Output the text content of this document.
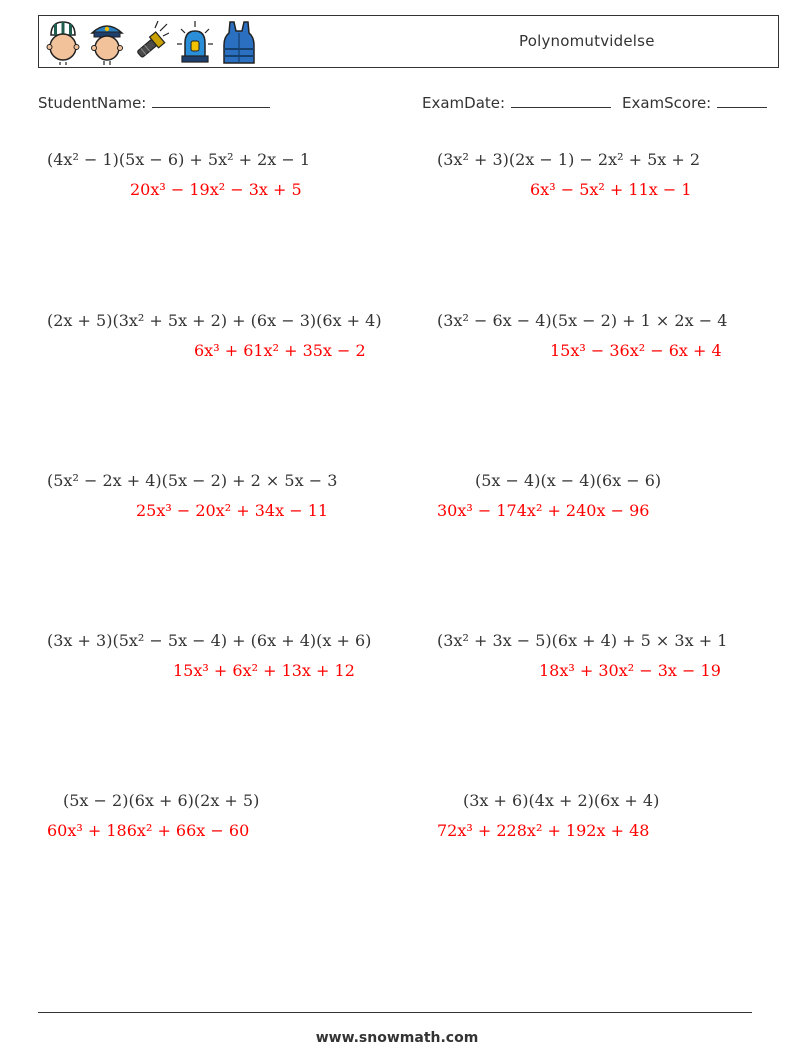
Polynomutvidelse
StudentName:	ExamDate:	ExamScore:
(4x² − 1)(5x − 6) + 5x² + 2x − 1
20x³ − 19x² − 3x + 5
(3x² + 3)(2x − 1) − 2x² + 5x + 2
6x³ − 5x² + 11x − 1
(2x + 5)(3x² + 5x + 2) + (6x − 3)(6x + 4)
6x³ + 61x² + 35x − 2
(3x² − 6x − 4)(5x − 2) + 1 × 2x − 4
15x³ − 36x² − 6x + 4
(5x² − 2x + 4)(5x − 2) + 2 × 5x − 3
25x³ − 20x² + 34x − 11
(5x − 4)(x − 4)(6x − 6)
30x³ − 174x² + 240x − 96
(3x + 3)(5x² − 5x − 4) + (6x + 4)(x + 6)
15x³ + 6x² + 13x + 12
(3x² + 3x − 5)(6x + 4) + 5 × 3x + 1
18x³ + 30x² − 3x − 19
(5x − 2)(6x + 6)(2x + 5)
60x³ + 186x² + 66x − 60
(3x + 6)(4x + 2)(6x + 4)
72x³ + 228x² + 192x + 48
www.snowmath.com
